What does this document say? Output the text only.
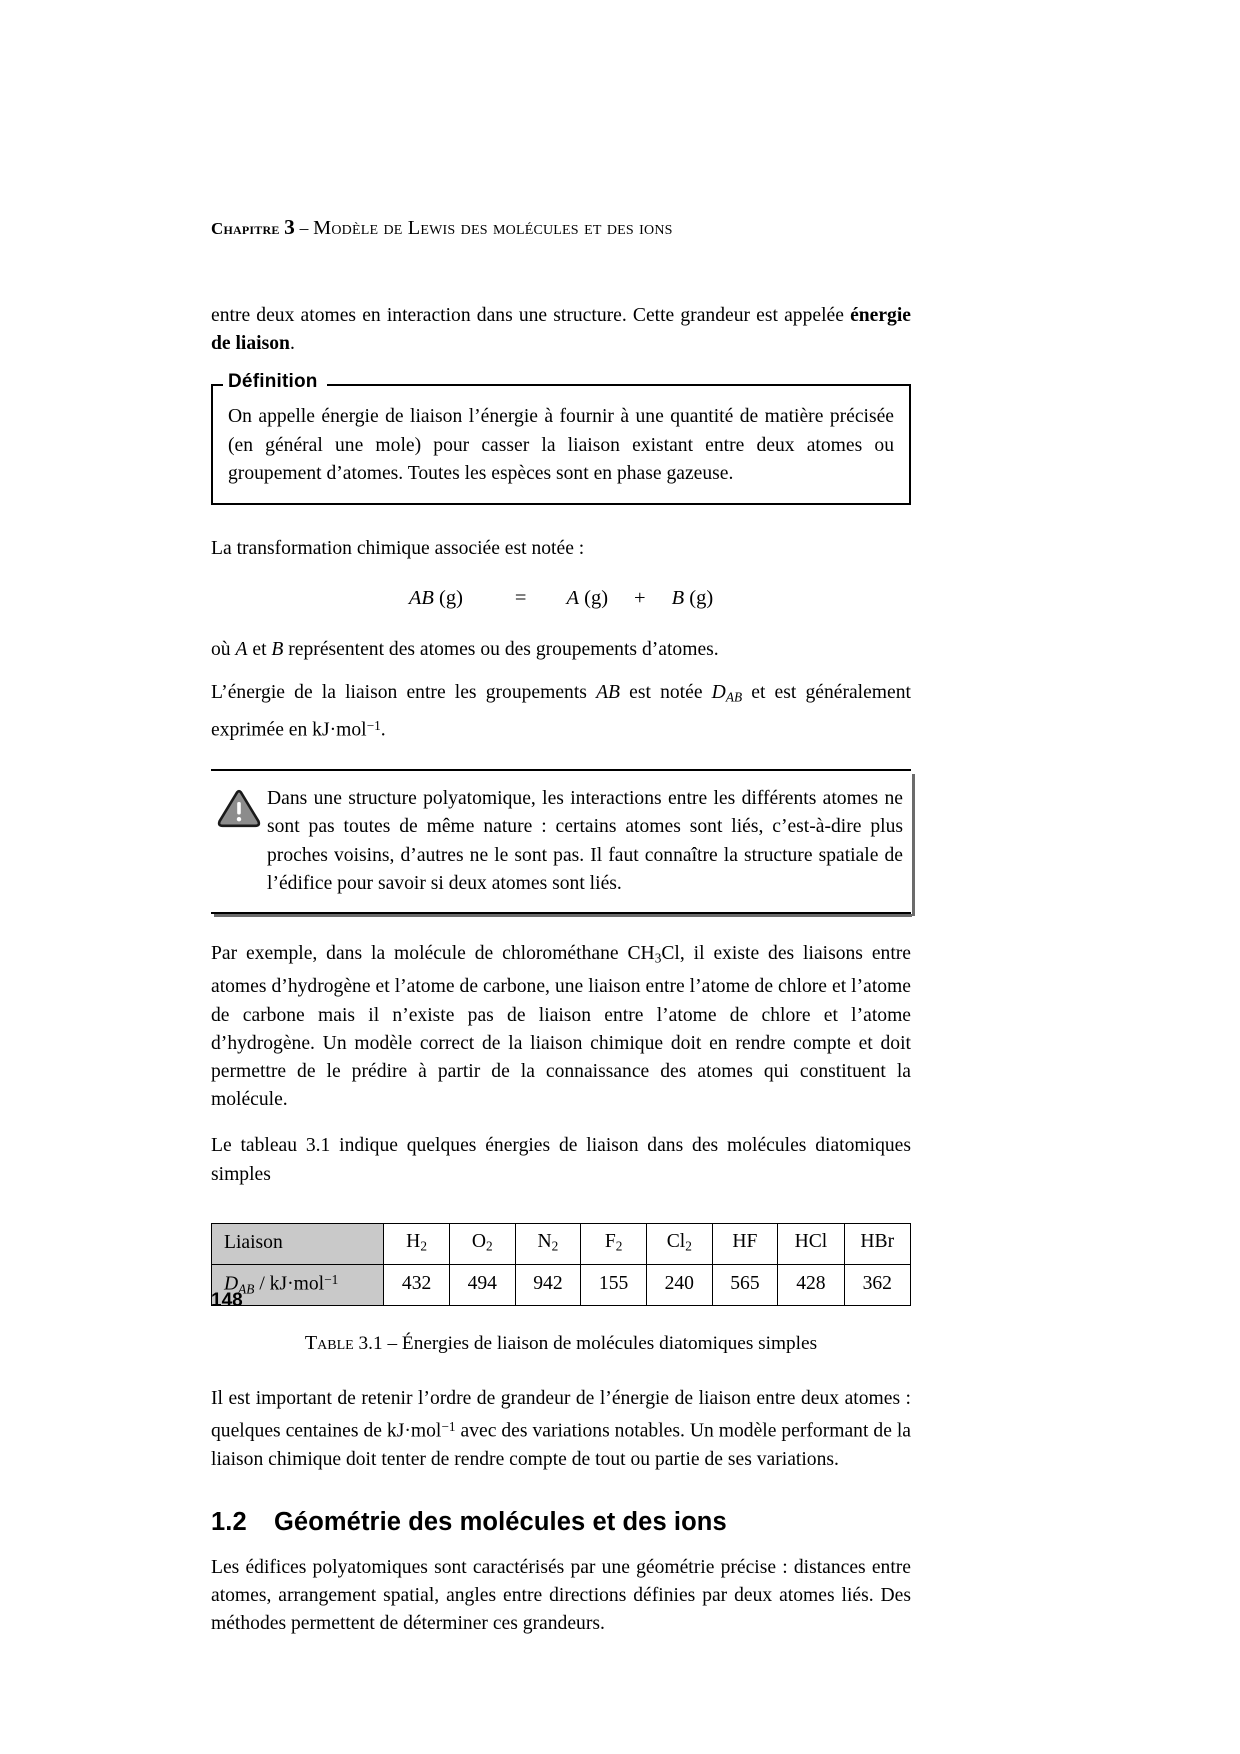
Chapitre 3 – Modèle de Lewis des molécules et des ions

entre deux atomes en interaction dans une structure. Cette grandeur est appelée énergie de liaison.

Définition

On appelle énergie de liaison l’énergie à fournir à une quantité de matière précisée (en général une mole) pour casser la liaison existant entre deux atomes ou groupement d’atomes. Toutes les espèces sont en phase gazeuse.

La transformation chimique associée est notée :

AB (g)	= A (g) + B (g)

où A et B représentent des atomes ou des groupements d’atomes.

L’énergie de la liaison entre les groupements AB est notée $D_{AB}$ et est généralement exprimée en kJ·mol$^{-1}$.

Dans une structure polyatomique, les interactions entre les différents atomes ne sont pas toutes de même nature : certains atomes sont liés, c’est-à-dire plus proches voisins, d’autres ne le sont pas. Il faut connaître la structure spatiale de l’édifice pour savoir si deux atomes sont liés.

Par exemple, dans la molécule de chlorométhane $CH_3Cl$, il existe des liaisons entre atomes d’hydrogène et l’atome de carbone, une liaison entre l’atome de chlore et l’atome de carbone mais il n’existe pas de liaison entre l’atome de chlore et l’atome d’hydrogène. Un modèle correct de la liaison chimique doit en rendre compte et doit permettre de le prédire à partir de la connaissance des atomes qui constituent la molécule.

Le tableau 3.1 indique quelques énergies de liaison dans des molécules diatomiques simples

Liaison	$H_2$	$O_2$	$N_2$	$F_2$	$Cl_2$	HF	HCl	HBr
$D_{AB} / kJ\cdot mol^{-1}$	432	494	942	155	240	565	428	362
Table 3.1 – Énergies de liaison de molécules diatomiques simples

Il est important de retenir l’ordre de grandeur de l’énergie de liaison entre deux atomes : quelques centaines de kJ·mol$^{-1}$ avec des variations notables. Un modèle performant de la liaison chimique doit tenter de rendre compte de tout ou partie de ses variations.

1.2 Géométrie des molécules et des ions

Les édifices polyatomiques sont caractérisés par une géométrie précise : distances entre atomes, arrangement spatial, angles entre directions définies par deux atomes liés. Des méthodes permettent de déterminer ces grandeurs.

148
